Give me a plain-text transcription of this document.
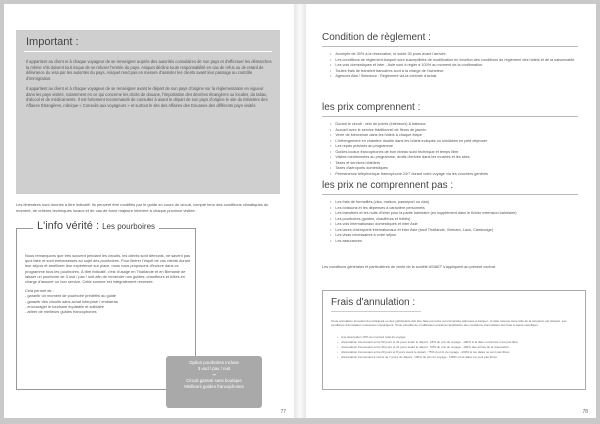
Important :

Il appartient au client et à chaque voyageur de se renseigner auprès des autorités consulaires de son pays et d'effectuer les démarches la même s'ils doivent tout risque de se refuser l'entrée du pays. Asiquet décline toute responsabilité en cas de refus ou de retard de délivrance du visa par les autorités du pays. Asiquet rend pas en mesure d'assister les clients avant leur passage au contrôle d'immigration.

Il appartient au client et à chaque voyageur de se renseigner avant le départ de son pays d'origine sur la réglementation en vigueur dans les pays visités, notamment en ce qui concerne les droits de douane, l'importation des denrées étrangères ou locales, du tabac, d'alcool et de médicaments. Il est fortement recommandé de consulter à avant le départ de son pays d'origine le site du Ministère des Affaires Étrangères, rubrique « Conseils aux voyageurs » et surtout le site des Affaires des Douanes des différents pays visités.

Les itinéraires sont donnés à titre indicatif. Ils peuvent être modifiés par le guide en cours de circuit, compte tenu des conditions climatiques du moment, de critères techniques locaux et de cas de force majeure inhérent à chaque province visitée.

Nous remarquons que très souvent pendant les circuits, les clients sont démunis, ne savent pas quoi faire et sont embarrassés au sujet des pourboires. Pour libérer l'esprit de vos clients durant leur séjour et améliorer leur expérience sur place, nous vous proposons d'inclure dans ce programme tous les pourboires. À titre indicatif, c'est d'usage en Thaïlande et en Birmanie de laisser un pourboire de 3 usd / pax / nuit afin de remercier nos guides, chauffeurs et hôtes en charge d'assurer un bon service. Cette somme est intégralement reversée.

Cela permet de :

- garantir un moment de pourboire prédéfini au guide
- garantir des circuits sans achat interposé / embarras
- encourager le tourisme équitable et solidaire
- attirer de meilleurs guides francophones
L'info vérité : Les pourboires
Option pourboires incluse
3 usd / pax / nuit
⇒
Circuit garanti sans boutique
Meilleurs guides francophones
77
Condition de règlement :
• Acompte de 30% à la réservation, le solde 30 jours avant l'arrivée.
• Les conditions de règlement Asiquet sont susceptibles de modification en fonction des conditions de règlement des hôtels et de la saisonnalité.
• Les vols domestiques et inter - Asie sont à régler à 100% au moment de la confirmation.
• Toutes frais de transfert bancaires sont à la charge de l'acheteur.
• Agences Afat / Selectour : Règlement via la centrale d'achat.
les prix comprennent :
• Durant le circuit : vélo de points (intérieurs) & bateaux
• Accueil avec le service traditionnel de fleurs de jasmin
• Verre de bienvenue dans les hôtels à chaque étape
• L'hébergement en chambre double dans les hôtels indiqués ou similaires en petit déjeuner
• Les repas précisés au programme
• Guides locaux francophones de bon niveau suivi technique et temps libre
• Visites mentionnées au programme, droits d'entrée dans les musées et les sites
• Taxes et services hôteliers
• Taxes d'aéroports domestiques
• Permanence téléphonique francophone 24/7 durant votre voyage via les vouchers générés
les prix ne comprennent pas :
• Les frais de formalités (visa, maison, passeport ou visa)
• Les boissons et les dépenses à caractère personnels
• Les transferts et les nuits d'hôtel pour la partie balnéaire (en supplément dans le fichier extension balnéaire)
• Les pourboires (guides, chauffeurs et hôtels)
• Les vols internationaux domestiques et inter Asie
• Les taxes d'aéroports internationaux et inter Asie (sauf Thaïlande, Vietnam, Laos, Cambodge)
• Les visas nécessaires à votre séjour
• Les assurances

Les conditions générales et particulières de vente de la société ASIAET s'appliquent au présent contrat.

Frais d'annulation :

Toute annulation émanant du participant ou des participants doit être faite par lettre recommandée adressée à Asiquet ; la date retenue sera celle de la réception par Asiquet. Les conditions d'annulation ci-dessous s'appliquent. Toute pénalité de modification entraîne l'application des conditions d'annulation des frais ci-après spécifiées.

• à la réservation 15% du montant total du voyage
• d'annulation intervenant entre 60 jours et 31 jours avant le départ : 25% du prix du voyage - 100% si la date concernée n'est pas libre
• d'annulation intervenant entre 30 jours et 21 jours avant le départ : 50% du prix du voyage - 100% des arrhes de la réservation
• d'annulation intervenant entre 20 jours et 8 jours avant le départ : 75% du prix du voyage - 100% si les dates ne sont pas libres
• d'annulation intervenant à moins de 7 jours du départ : 100% du prix du voyage - 100% si les dates ne sont pas libres
78
